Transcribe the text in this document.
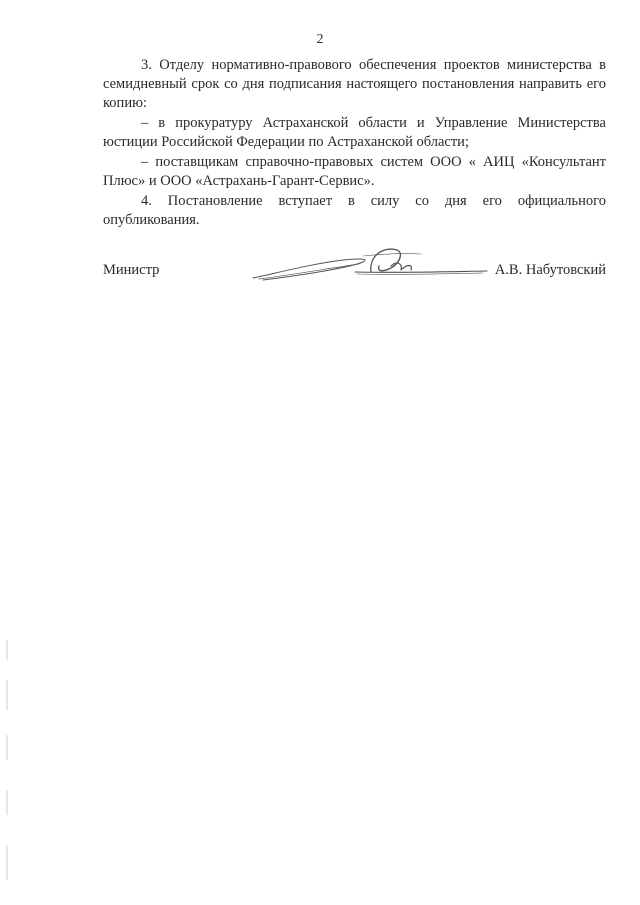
2

3. Отделу нормативно-правового обеспечения проектов министерства в семидневный срок со дня подписания настоящего постановления направить его копию:

– в прокуратуру Астраханской области и Управление Министерства юстиции Российской Федерации по Астраханской области;

– поставщикам справочно-правовых систем ООО « АИЦ «Консультант Плюс» и ООО «Астрахань-Гарант-Сервис».

4. Постановление вступает в силу со дня его официального опубликования.

Министр	А.В. Набутовский
